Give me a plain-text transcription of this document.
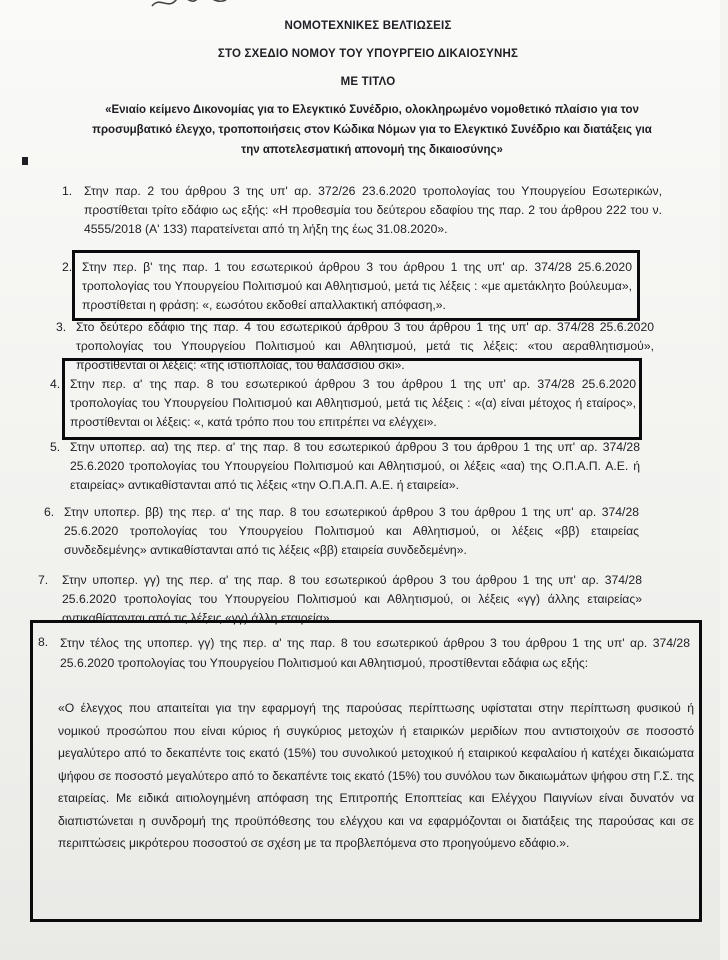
ΝΟΜΟΤΕΧΝΙΚΕΣ ΒΕΛΤΙΩΣΕΙΣ
ΣΤΟ ΣΧΕΔΙΟ ΝΟΜΟΥ ΤΟΥ ΥΠΟΥΡΓΕΙΟ ΔΙΚΑΙΟΣΥΝΗΣ
ΜΕ ΤΙΤΛΟ
«Ενιαίο κείμενο Δικονομίας για το Ελεγκτικό Συνέδριο, ολοκληρωμένο νομοθετικό πλαίσιο για τον προσυμβατικό έλεγχο, τροποποιήσεις στον Κώδικα Νόμων για το Ελεγκτικό Συνέδριο και διατάξεις για την αποτελεσματική απονομή της δικαιοσύνης»
1. Στην παρ. 2 του άρθρου 3 της υπ' αρ. 372/26 23.6.2020 τροπολογίας του Υπουργείου Εσωτερικών, προστίθεται τρίτο εδάφιο ως εξής: «Η προθεσμία του δεύτερου εδαφίου της παρ. 2 του άρθρου 222 του ν. 4555/2018 (Α' 133) παρατείνεται από τη λήξη της έως 31.08.2020».
2. Στην περ. β' της παρ. 1 του εσωτερικού άρθρου 3 του άρθρου 1 της υπ' αρ. 374/28 25.6.2020 τροπολογίας του Υπουργείου Πολιτισμού και Αθλητισμού, μετά τις λέξεις : «με αμετάκλητο βούλευμα», προστίθεται η φράση: «, εωσότου εκδοθεί απαλλακτική απόφαση,».
3. Στο δεύτερο εδάφιο της παρ. 4 του εσωτερικού άρθρου 3 του άρθρου 1 της υπ' αρ. 374/28 25.6.2020 τροπολογίας του Υπουργείου Πολιτισμού και Αθλητισμού, μετά τις λέξεις: «του αεραθλητισμού», προστίθενται οι λέξεις: «της ιστιοπλοΐας, του θαλάσσιου σκι».
4. Στην περ. α' της παρ. 8 του εσωτερικού άρθρου 3 του άρθρου 1 της υπ' αρ. 374/28 25.6.2020 τροπολογίας του Υπουργείου Πολιτισμού και Αθλητισμού, μετά τις λέξεις : «(α) είναι μέτοχος ή εταίρος», προστίθενται οι λέξεις: «, κατά τρόπο που του επιτρέπει να ελέγχει».
5. Στην υποπερ. αα) της περ. α' της παρ. 8 του εσωτερικού άρθρου 3 του άρθρου 1 της υπ' αρ. 374/28 25.6.2020 τροπολογίας του Υπουργείου Πολιτισμού και Αθλητισμού, οι λέξεις «αα) της Ο.Π.Α.Π. Α.Ε. ή εταιρείας» αντικαθίστανται από τις λέξεις «την Ο.Π.Α.Π. Α.Ε. ή εταιρεία».
6. Στην υποπερ. ββ) της περ. α' της παρ. 8 του εσωτερικού άρθρου 3 του άρθρου 1 της υπ' αρ. 374/28 25.6.2020 τροπολογίας του Υπουργείου Πολιτισμού και Αθλητισμού, οι λέξεις «ββ) εταιρείας συνδεδεμένης» αντικαθίστανται από τις λέξεις «ββ) εταιρεία συνδεδεμένη».
7. Στην υποπερ. γγ) της περ. α' της παρ. 8 του εσωτερικού άρθρου 3 του άρθρου 1 της υπ' αρ. 374/28 25.6.2020 τροπολογίας του Υπουργείου Πολιτισμού και Αθλητισμού, οι λέξεις «γγ) άλλης εταιρείας» αντικαθίστανται από τις λέξεις «γγ) άλλη εταιρεία».
8. Στην τέλος της υποπερ. γγ) της περ. α' της παρ. 8 του εσωτερικού άρθρου 3 του άρθρου 1 της υπ' αρ. 374/28 25.6.2020 τροπολογίας του Υπουργείου Πολιτισμού και Αθλητισμού, προστίθενται εδάφια ως εξής:
«Ο έλεγχος που απαιτείται για την εφαρμογή της παρούσας περίπτωσης υφίσταται στην περίπτωση φυσικού ή νομικού προσώπου που είναι κύριος ή συγκύριος μετοχών ή εταιρικών μεριδίων που αντιστοιχούν σε ποσοστό μεγαλύτερο από το δεκαπέντε τοις εκατό (15%) του συνολικού μετοχικού ή εταιρικού κεφαλαίου ή κατέχει δικαιώματα ψήφου σε ποσοστό μεγαλύτερο από το δεκαπέντε τοις εκατό (15%) του συνόλου των δικαιωμάτων ψήφου στη Γ.Σ. της εταιρείας. Με ειδικά αιτιολογημένη απόφαση της Επιτροπής Εποπτείας και Ελέγχου Παιγνίων είναι δυνατόν να διαπιστώνεται η συνδρομή της προϋπόθεσης του ελέγχου και να εφαρμόζονται οι διατάξεις της παρούσας και σε περιπτώσεις μικρότερου ποσοστού σε σχέση με τα προβλεπόμενα στο προηγούμενο εδάφιο.».
